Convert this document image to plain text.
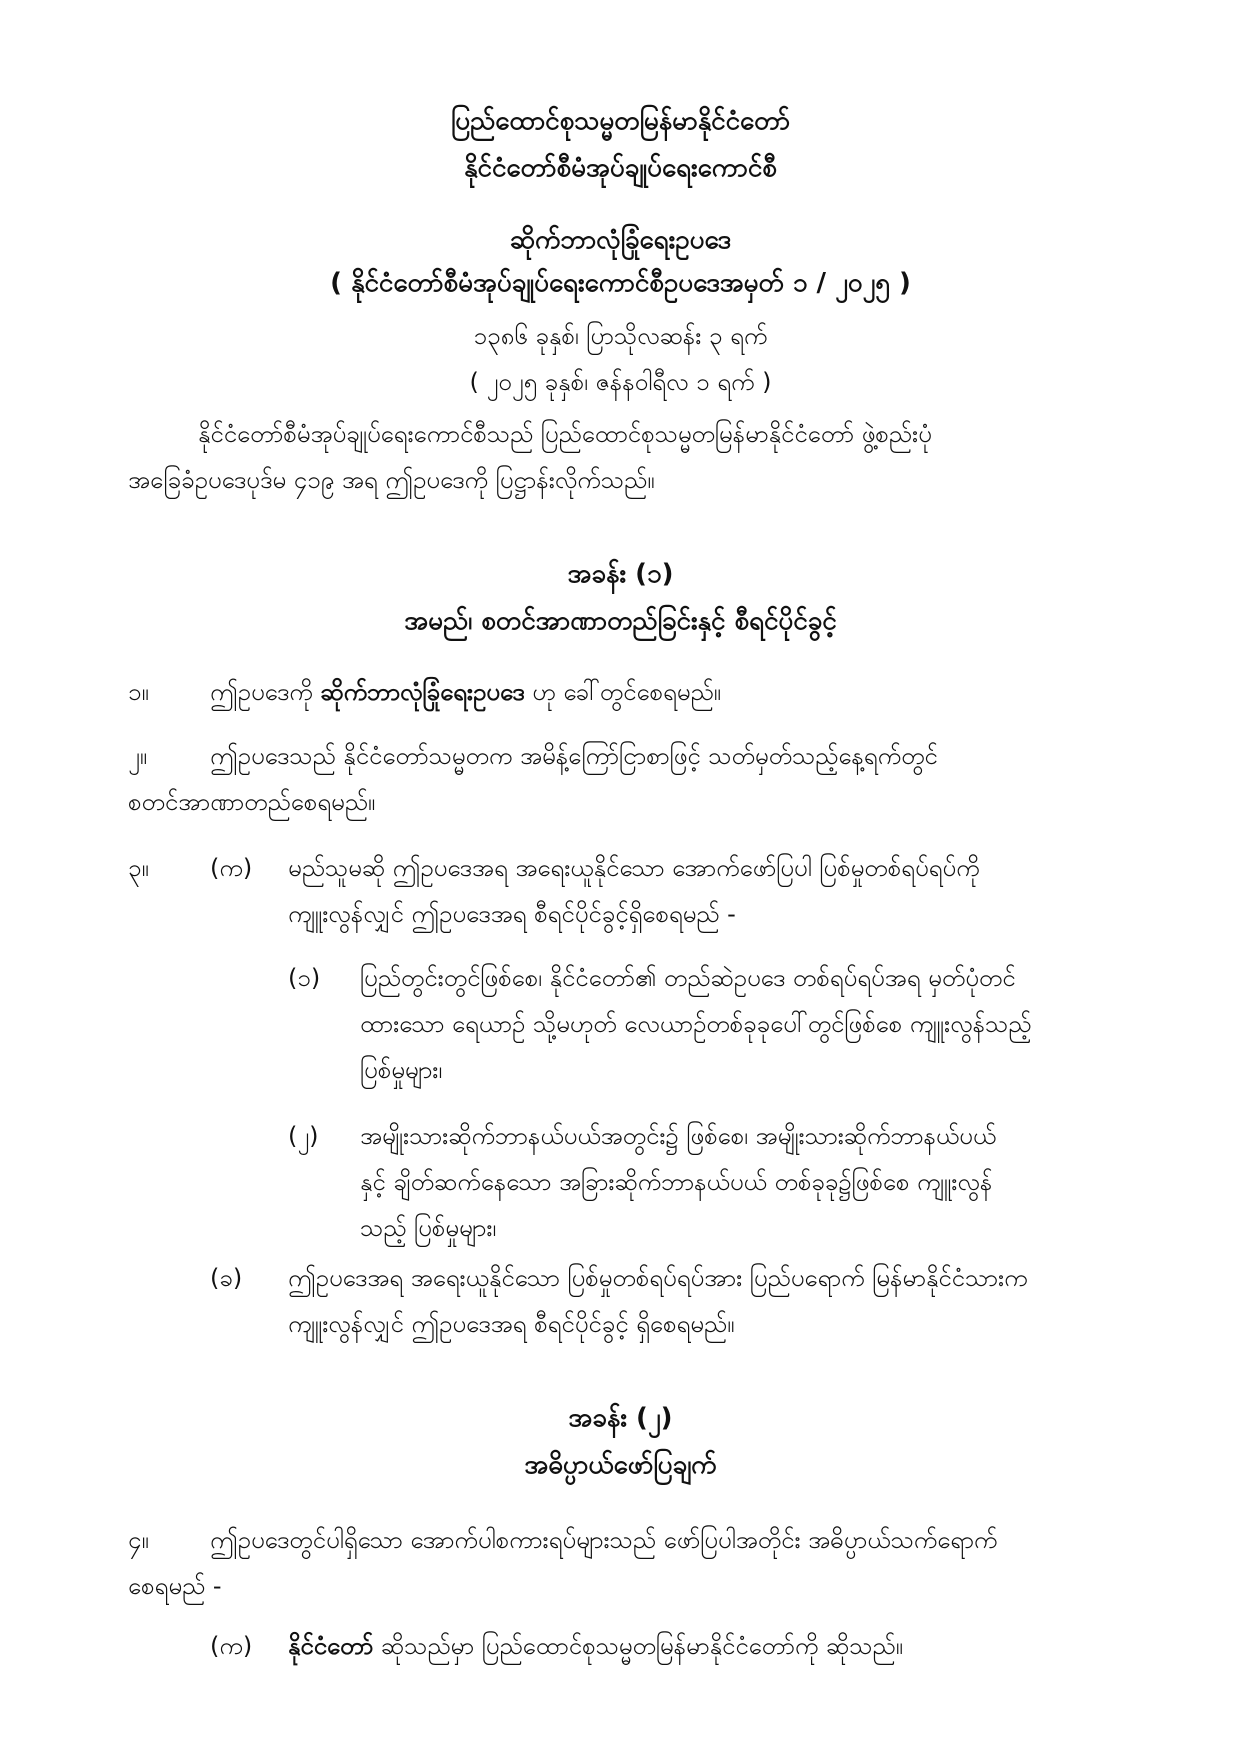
ပြည်ထောင်စုသမ္မတမြန်မာနိုင်ငံတော်
နိုင်ငံတော်စီမံအုပ်ချုပ်ရေးကောင်စီ
ဆိုက်ဘာလုံခြုံရေးဥပဒေ
( နိုင်ငံတော်စီမံအုပ်ချုပ်ရေးကောင်စီဥပဒေအမှတ် ၁ / ၂၀၂၅ )
၁၃၈၆ ခုနှစ်၊ ပြာသိုလဆန်း ၃ ရက်
( ၂၀၂၅ ခုနှစ်၊ ဇန်နဝါရီလ ၁ ရက် )
နိုင်ငံတော်စီမံအုပ်ချုပ်ရေးကောင်စီသည် ပြည်ထောင်စုသမ္မတမြန်မာနိုင်ငံတော် ဖွဲ့စည်းပုံ
အခြေခံဥပဒေပုဒ်မ ၄၁၉ အရ ဤဥပဒေကို ပြဋ္ဌာန်းလိုက်သည်။
အခန်း (၁)
အမည်၊ စတင်အာဏာတည်ခြင်းနှင့် စီရင်ပိုင်ခွင့်
၁။	ဤဥပဒေကို ဆိုက်ဘာလုံခြုံရေးဥပဒေ ဟု ခေါ်တွင်စေရမည်။
၂။	ဤဥပဒေသည် နိုင်ငံတော်သမ္မတက အမိန့်ကြော်ငြာစာဖြင့် သတ်မှတ်သည့်နေ့ရက်တွင်
စတင်အာဏာတည်စေရမည်။
၃။	(က) မည်သူမဆို ဤဥပဒေအရ အရေးယူနိုင်သော အောက်ဖော်ပြပါ ပြစ်မှုတစ်ရပ်ရပ်ကို
ကျူးလွန်လျှင် ဤဥပဒေအရ စီရင်ပိုင်ခွင့်ရှိစေရမည် -
(၁) ပြည်တွင်းတွင်ဖြစ်စေ၊ နိုင်ငံတော်၏ တည်ဆဲဥပဒေ တစ်ရပ်ရပ်အရ မှတ်ပုံတင်
ထားသော ရေယာဉ် သို့မဟုတ် လေယာဉ်တစ်ခုခုပေါ်တွင်ဖြစ်စေ ကျူးလွန်သည့်
ပြစ်မှုများ၊
(၂) အမျိုးသားဆိုက်ဘာနယ်ပယ်အတွင်း၌ ဖြစ်စေ၊ အမျိုးသားဆိုက်ဘာနယ်ပယ်
နှင့် ချိတ်ဆက်နေသော အခြားဆိုက်ဘာနယ်ပယ် တစ်ခုခု၌ဖြစ်စေ ကျူးလွန်
သည့် ပြစ်မှုများ၊
(ခ) ဤဥပဒေအရ အရေးယူနိုင်သော ပြစ်မှုတစ်ရပ်ရပ်အား ပြည်ပရောက် မြန်မာနိုင်ငံသားက
ကျူးလွန်လျှင် ဤဥပဒေအရ စီရင်ပိုင်ခွင့် ရှိစေရမည်။
အခန်း (၂)
အဓိပ္ပာယ်ဖော်ပြချက်
၄။	ဤဥပဒေတွင်ပါရှိသော အောက်ပါစကားရပ်များသည် ဖော်ပြပါအတိုင်း အဓိပ္ပာယ်သက်ရောက်
စေရမည် -
(က) နိုင်ငံတော် ဆိုသည်မှာ ပြည်ထောင်စုသမ္မတမြန်မာနိုင်ငံတော်ကို ဆိုသည်။
